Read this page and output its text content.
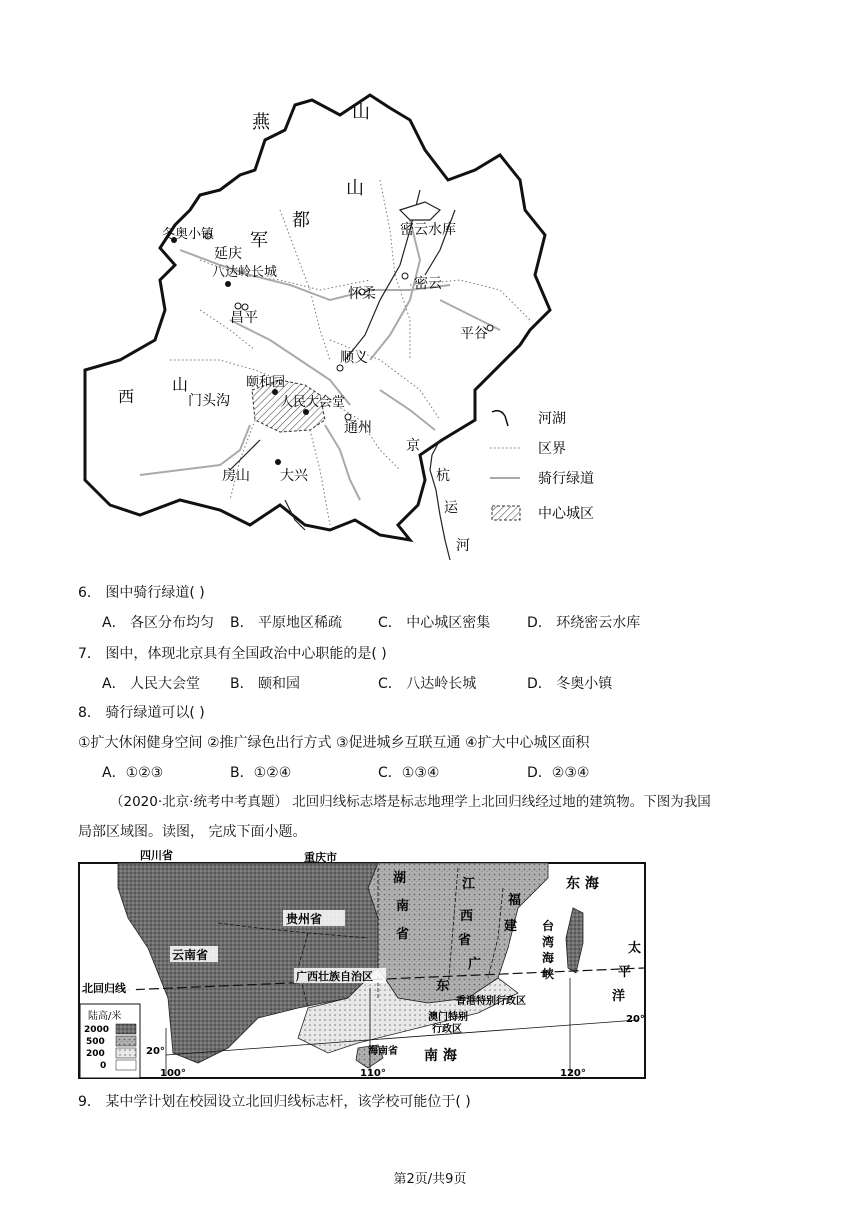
燕	山
山
都
军
西
山
冬奥小镇
延庆
八达岭长城
密云水库
怀柔
密云
昌平
平谷
顺义
颐和园
门头沟	人民大会堂
通州
房山 大兴
京
杭
运
河
河湖
区界
骑行绿道
中心城区
6． 图中骑行绿道( )
A． 各区分布均匀 B． 平原地区稀疏	C． 中心城区密集	D． 环绕密云水库
7． 图中，体现北京具有全国政治中心职能的是( )
A． 人民大会堂 B． 颐和园	C． 八达岭长城	D． 冬奥小镇
8． 骑行绿道可以( )
①扩大休闲健身空间 ②推广绿色出行方式 ③促进城乡互联互通 ④扩大中心城区面积
A．①②③	B．①②④	C．①③④	D．②③④
（2020·北京·统考中考真题） 北回归线标志塔是标志地理学上北回归线经过地的建筑物。下图为我国
局部区域图。读图， 完成下面小题。
陆高/米
2000
500
200
0
四川省	重庆市
贵州省
云南省
广西壮族自治区
北回归线
湖
南
省
江
西
省
福
建
广
东
东 海
台
湾
海
峡
太
平
洋
香港特别行政区
澳门特别
行政区
海南省 南 海
100°	110°	120°
20°
20°
9． 某中学计划在校园设立北回归线标志杆，该学校可能位于( )
第2页/共9页
